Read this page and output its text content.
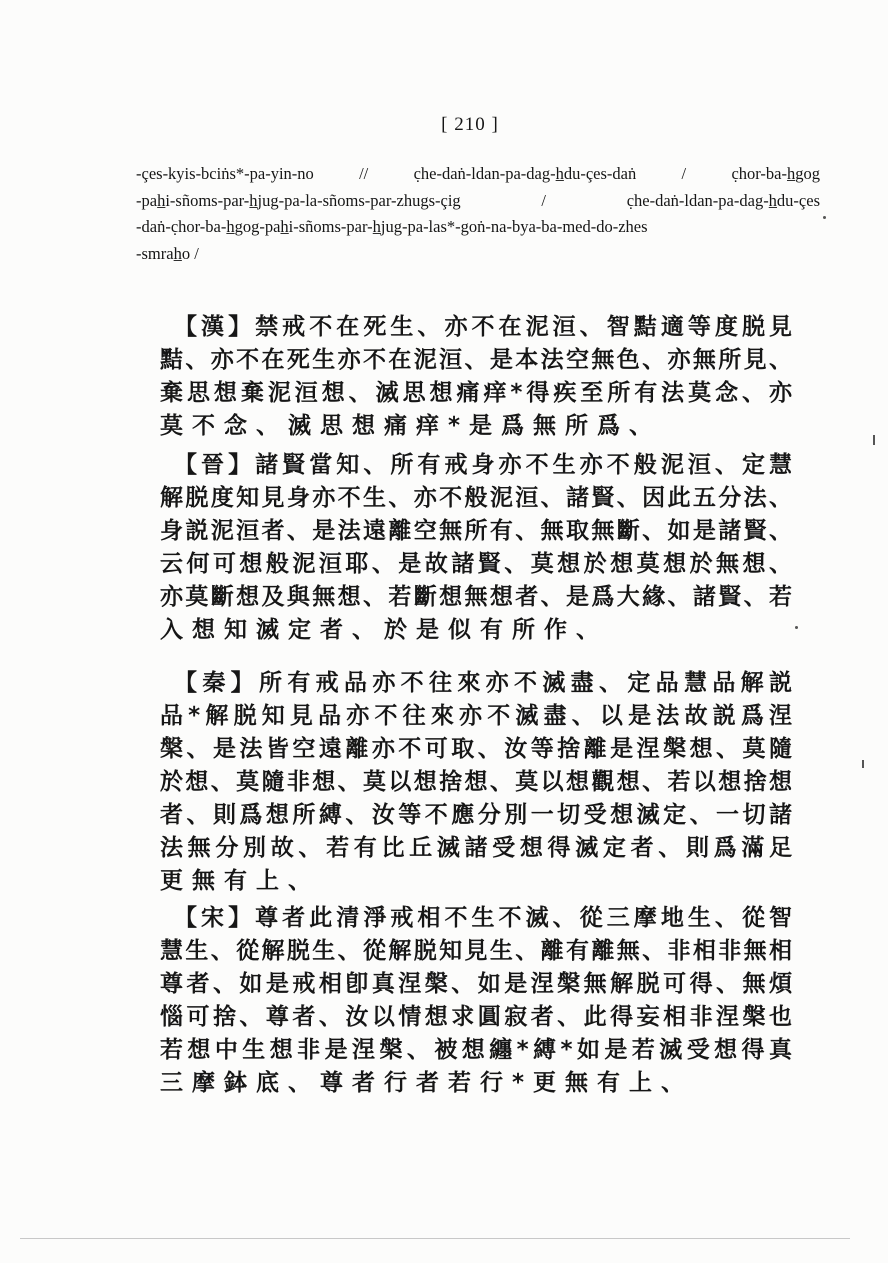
[ 210 ]
-çes-kyis-bciṅs*-pa-yin-no // c̣he-daṅ-ldan-pa-dag-h̲du-çes-daṅ / c̣hor-ba-h̲gog
-pah̲i-sñoms-par-h̲jug-pa-la-sñoms-par-zhugs-çig / c̣he-daṅ-ldan-pa-dag-h̲du-çes
-daṅ-c̣hor-ba-h̲gog-pah̲i-sñoms-par-h̲jug-pa-las*-goṅ-na-bya-ba-med-do-zhes
-smrah̲o /
【漢】禁戒不在死生、亦不在泥洹、智黠適等度脱見
黠、亦不在死生亦不在泥洹、是本法空無色、亦無所見、
棄思想棄泥洹想、滅思想痛痒*得疾至所有法莫念、亦
莫不念、滅思想痛痒*是爲無所爲、
【晉】諸賢當知、所有戒身亦不生亦不般泥洹、定慧
解脱度知見身亦不生、亦不般泥洹、諸賢、因此五分法、
身説泥洹者、是法遠離空無所有、無取無斷、如是諸賢、
云何可想般泥洹耶、是故諸賢、莫想於想莫想於無想、
亦莫斷想及與無想、若斷想無想者、是爲大緣、諸賢、若
入想知滅定者、於是似有所作、
【秦】所有戒品亦不往來亦不滅盡、定品慧品解説
品*解脱知見品亦不往來亦不滅盡、以是法故説爲涅
槃、是法皆空遠離亦不可取、汝等捨離是涅槃想、莫隨
於想、莫隨非想、莫以想捨想、莫以想觀想、若以想捨想
者、則爲想所縛、汝等不應分別一切受想滅定、一切諸
法無分別故、若有比丘滅諸受想得滅定者、則爲滿足
更無有上、
【宋】尊者此清淨戒相不生不滅、從三摩地生、從智
慧生、從解脱生、從解脱知見生、離有離無、非相非無相
尊者、如是戒相卽真涅槃、如是涅槃無解脱可得、無煩
惱可捨、尊者、汝以情想求圓寂者、此得妄相非涅槃也
若想中生想非是涅槃、被想纏*縛*如是若滅受想得真
三摩鉢底、尊者行者若行*更無有上、
